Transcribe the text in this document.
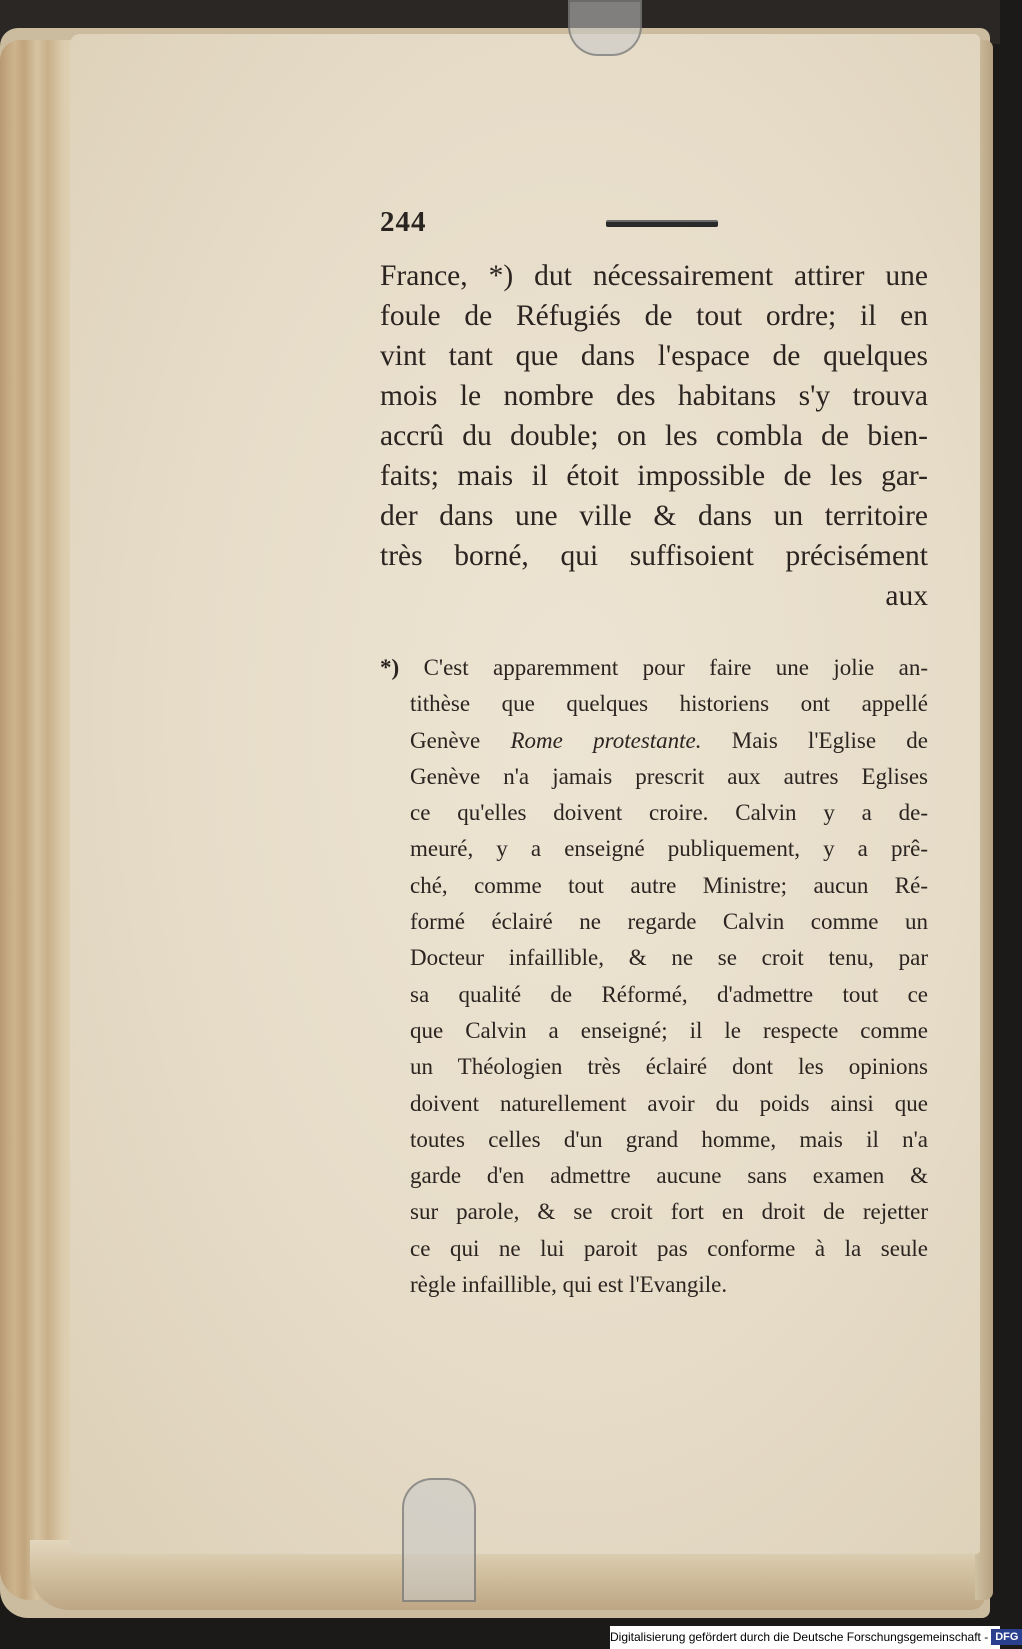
244
France, *) dut nécessairement attirer une
foule de Réfugiés de tout ordre; il en
vint tant que dans l'espace de quelques
mois le nombre des habitans s'y trouva
accrû du double; on les combla de bien-
faits; mais il étoit impossible de les gar-
der dans une ville & dans un territoire
très borné, qui suffisoient précisément
aux
*) C'est apparemment pour faire une jolie an-
tithèse que quelques historiens ont appellé
Genève Rome protestante. Mais l'Eglise de
Genève n'a jamais prescrit aux autres Eglises
ce qu'elles doivent croire. Calvin y a de-
meuré, y a enseigné publiquement, y a prê-
ché, comme tout autre Ministre; aucun Ré-
formé éclairé ne regarde Calvin comme un
Docteur infaillible, & ne se croit tenu, par
sa qualité de Réformé, d'admettre tout ce
que Calvin a enseigné; il le respecte comme
un Théologien très éclairé dont les opinions
doivent naturellement avoir du poids ainsi que
toutes celles d'un grand homme, mais il n'a
garde d'en admettre aucune sans examen &
sur parole, & se croit fort en droit de rejetter
ce qui ne lui paroit pas conforme à la seule
règle infaillible, qui est l'Evangile.
Digitalisierung gefördert durch die Deutsche Forschungsgemeinschaft - DFG
